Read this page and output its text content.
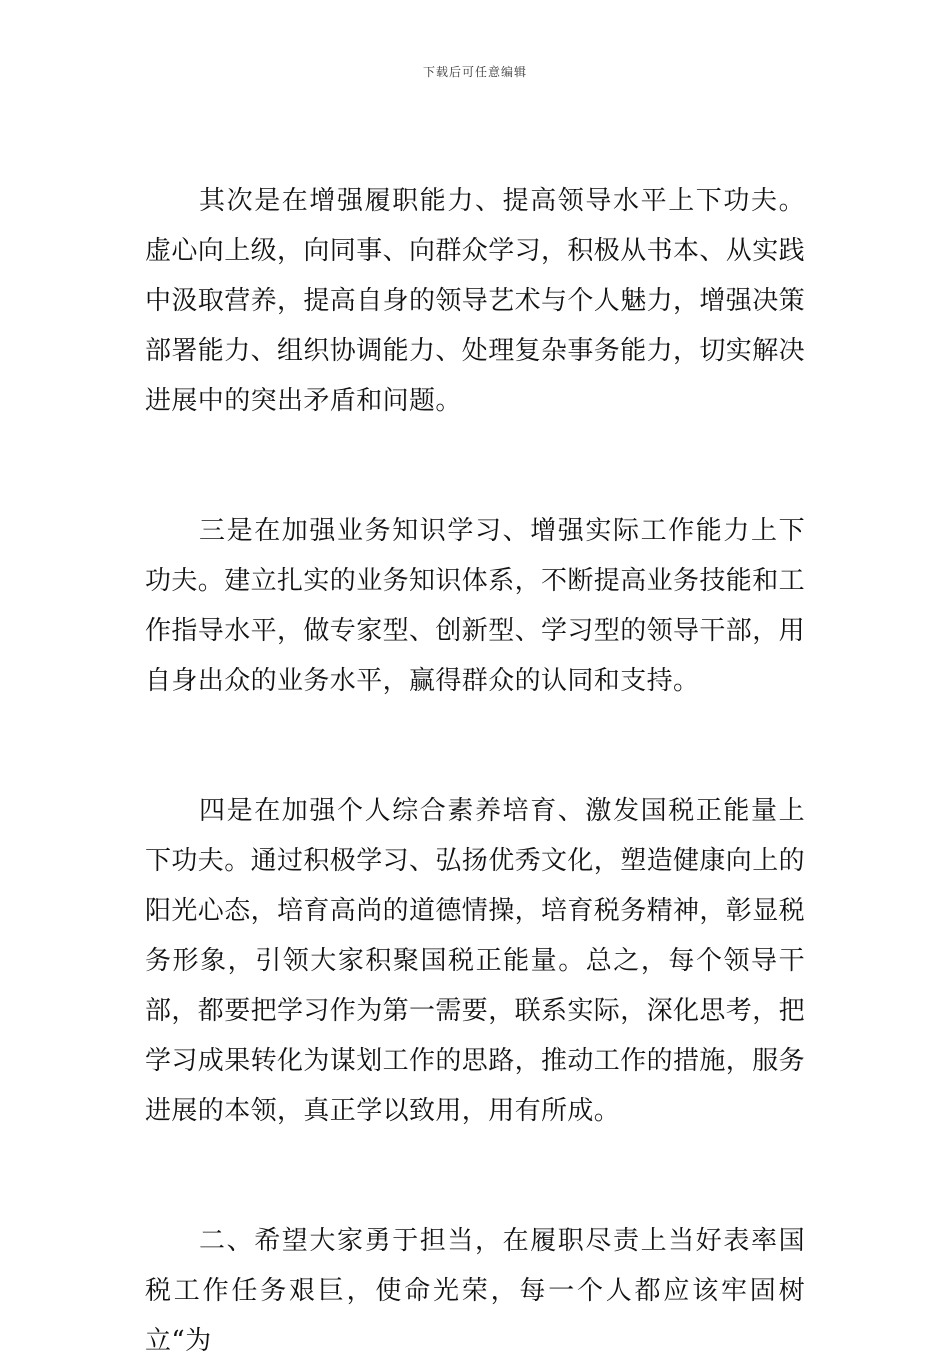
下载后可任意编辑

其次是在增强履职能力、提高领导水平上下功夫。虚心向上级，向同事、向群众学习，积极从书本、从实践中汲取营养，提高自身的领导艺术与个人魅力，增强决策部署能力、组织协调能力、处理复杂事务能力，切实解决进展中的突出矛盾和问题。

三是在加强业务知识学习、增强实际工作能力上下功夫。建立扎实的业务知识体系，不断提高业务技能和工作指导水平，做专家型、创新型、学习型的领导干部，用自身出众的业务水平，赢得群众的认同和支持。

四是在加强个人综合素养培育、激发国税正能量上下功夫。通过积极学习、弘扬优秀文化，塑造健康向上的阳光心态，培育高尚的道德情操，培育税务精神，彰显税务形象，引领大家积聚国税正能量。总之，每个领导干部，都要把学习作为第一需要，联系实际，深化思考，把学习成果转化为谋划工作的思路，推动工作的措施，服务进展的本领，真正学以致用，用有所成。

二、希望大家勇于担当，在履职尽责上当好表率国税工作任务艰巨，使命光荣，每一个人都应该牢固树立“为
